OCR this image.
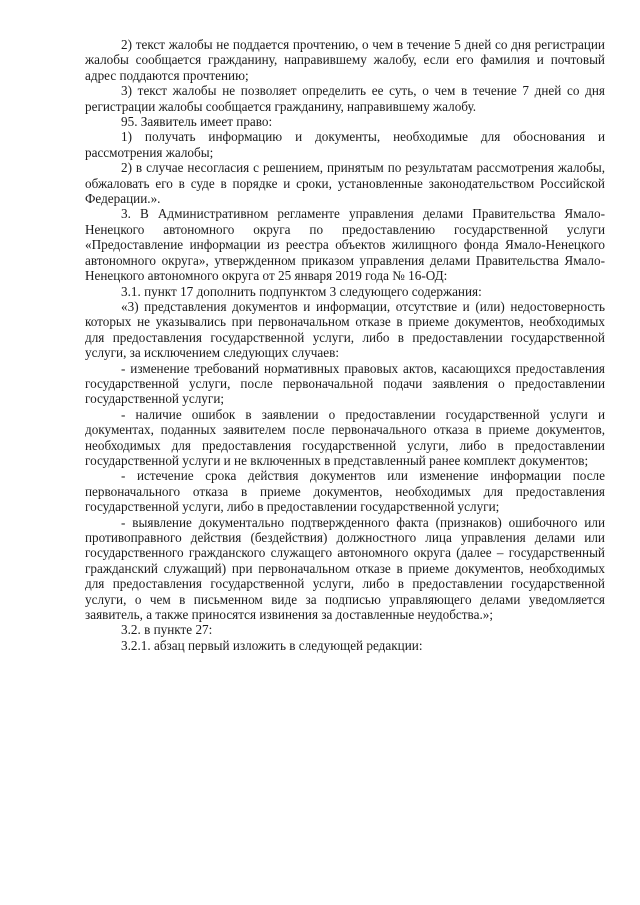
2) текст жалобы не поддается прочтению, о чем в течение 5 дней со дня регистрации жалобы сообщается гражданину, направившему жалобу, если его фамилия и почтовый адрес поддаются прочтению;

3) текст жалобы не позволяет определить ее суть, о чем в течение 7 дней со дня регистрации жалобы сообщается гражданину, направившему жалобу.

95. Заявитель имеет право:

1) получать информацию и документы, необходимые для обоснования и рассмотрения жалобы;

2) в случае несогласия с решением, принятым по результатам рассмотрения жалобы, обжаловать его в суде в порядке и сроки, установленные законодательством Российской Федерации.».

3. В Административном регламенте управления делами Правительства Ямало-Ненецкого автономного округа по предоставлению государственной услуги «Предоставление информации из реестра объектов жилищного фонда Ямало-Ненецкого автономного округа», утвержденном приказом управления делами Правительства Ямало-Ненецкого автономного округа от 25 января 2019 года № 16-ОД:

3.1. пункт 17 дополнить подпунктом 3 следующего содержания:

«3) представления документов и информации, отсутствие и (или) недостоверность которых не указывались при первоначальном отказе в приеме документов, необходимых для предоставления государственной услуги, либо в предоставлении государственной услуги, за исключением следующих случаев:

- изменение требований нормативных правовых актов, касающихся предоставления государственной услуги, после первоначальной подачи заявления о предоставлении государственной услуги;

- наличие ошибок в заявлении о предоставлении государственной услуги и документах, поданных заявителем после первоначального отказа в приеме документов, необходимых для предоставления государственной услуги, либо в предоставлении государственной услуги и не включенных в представленный ранее комплект документов;

- истечение срока действия документов или изменение информации после первоначального отказа в приеме документов, необходимых для предоставления государственной услуги, либо в предоставлении государственной услуги;

- выявление документально подтвержденного факта (признаков) ошибочного или противоправного действия (бездействия) должностного лица управления делами или государственного гражданского служащего автономного округа (далее – государственный гражданский служащий) при первоначальном отказе в приеме документов, необходимых для предоставления государственной услуги, либо в предоставлении государственной услуги, о чем в письменном виде за подписью управляющего делами уведомляется заявитель, а также приносятся извинения за доставленные неудобства.»;

3.2. в пункте 27:

3.2.1. абзац первый изложить в следующей редакции:
